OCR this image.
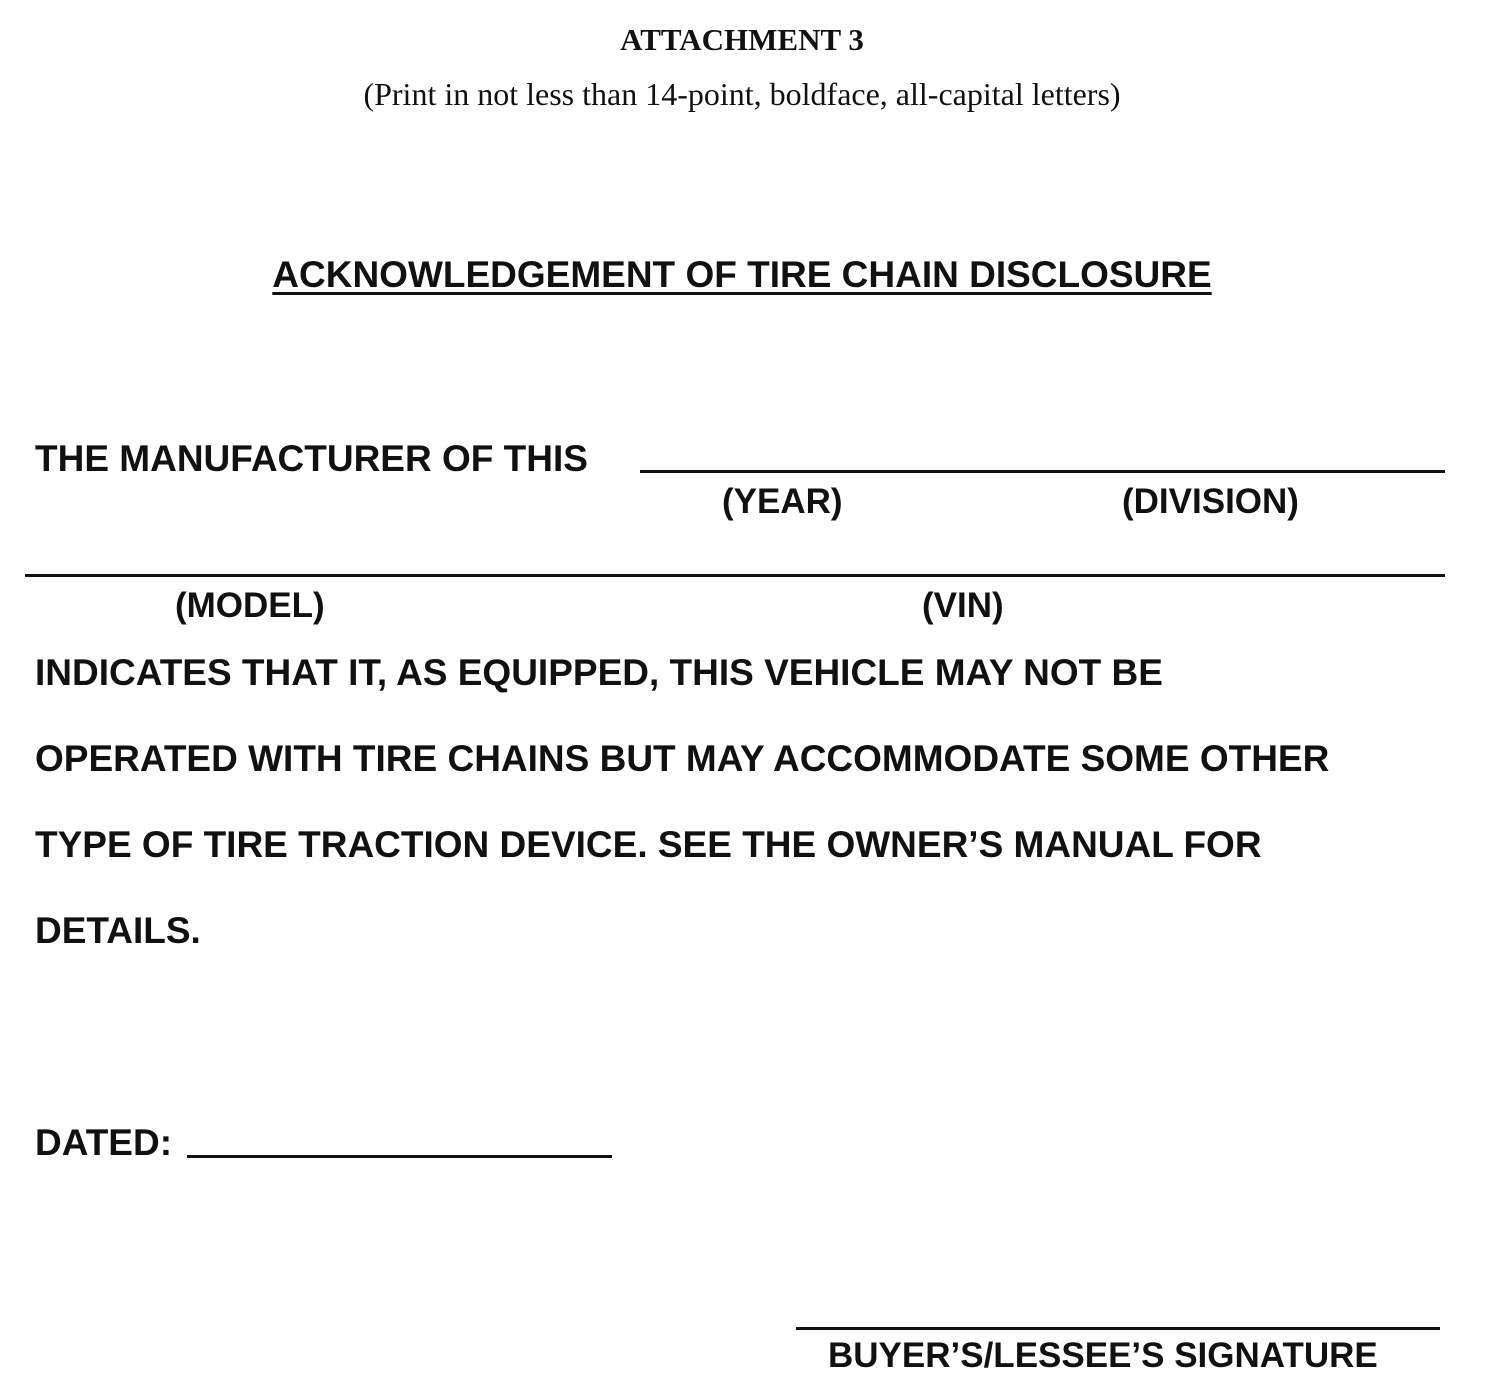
ATTACHMENT 3
(Print in not less than 14-point, boldface, all-capital letters)
ACKNOWLEDGEMENT OF TIRE CHAIN DISCLOSURE
THE MANUFACTURER OF THIS
(YEAR)	(DIVISION)
(MODEL)	(VIN)
INDICATES THAT IT, AS EQUIPPED, THIS VEHICLE MAY NOT BE
OPERATED WITH TIRE CHAINS BUT MAY ACCOMMODATE SOME OTHER
TYPE OF TIRE TRACTION DEVICE. SEE THE OWNER’S MANUAL FOR
DETAILS.
DATED:
BUYER’S/LESSEE’S SIGNATURE
